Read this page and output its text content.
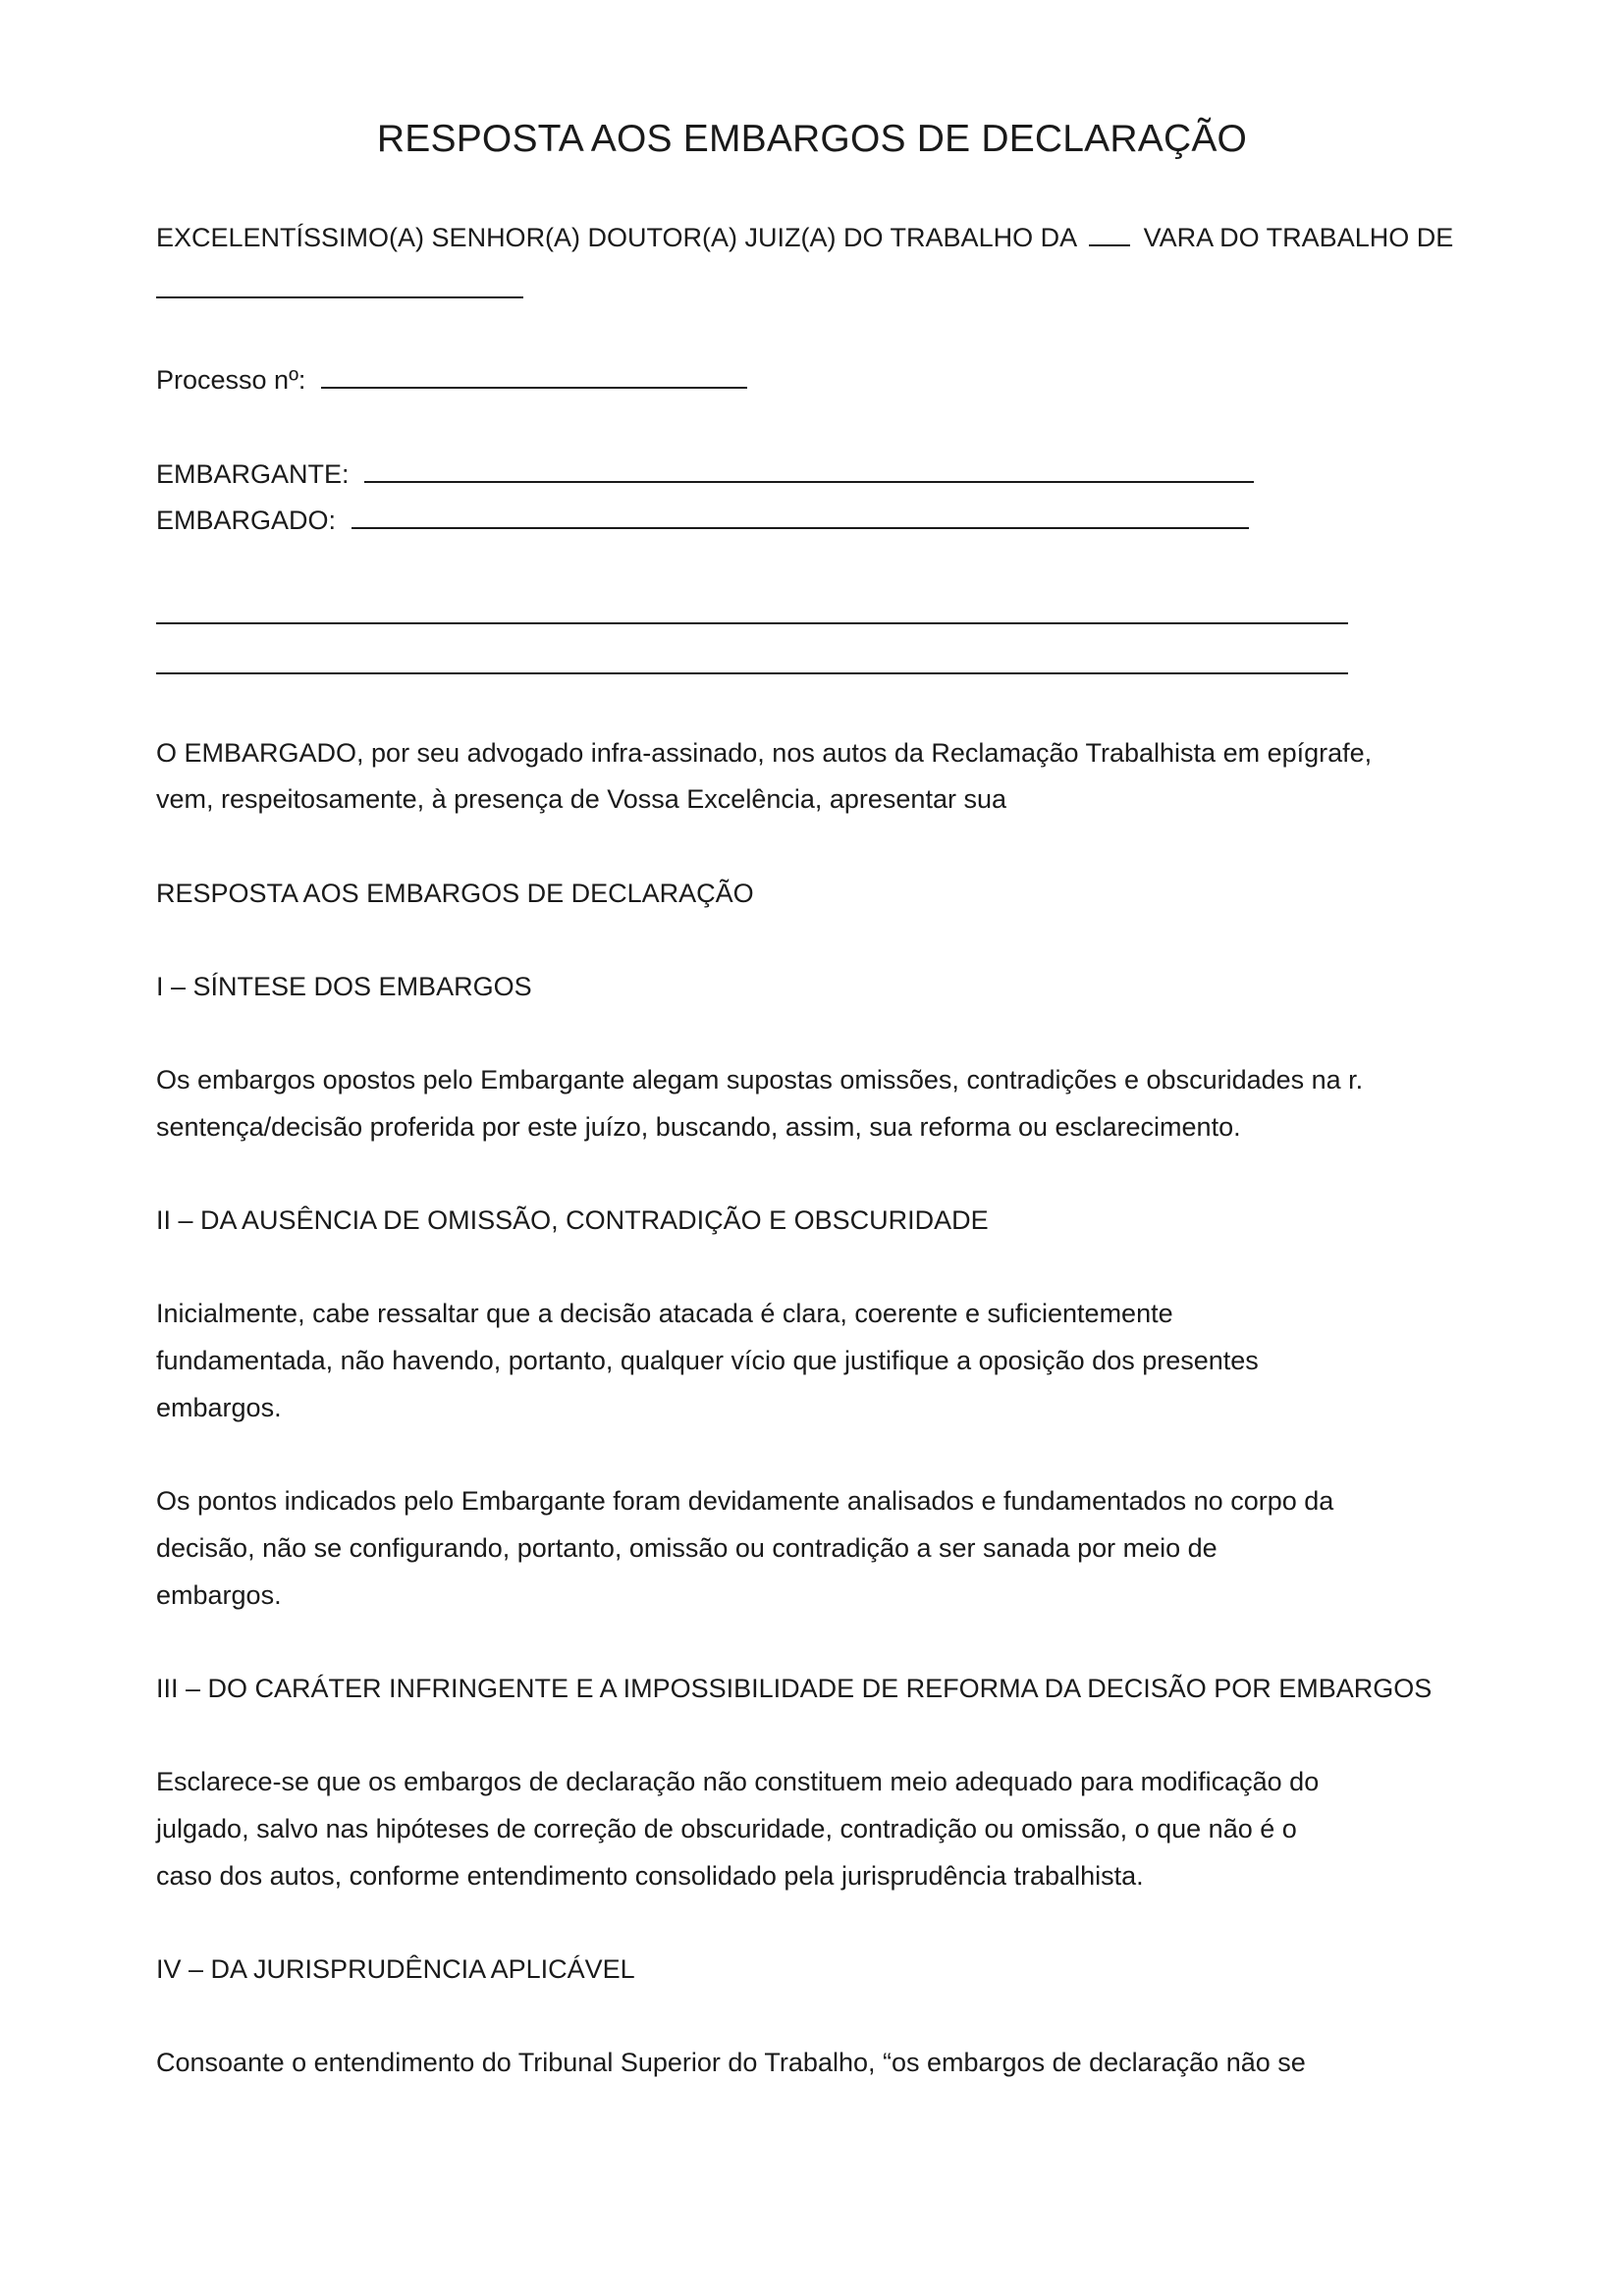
RESPOSTA AOS EMBARGOS DE DECLARAÇÃO
EXCELENTÍSSIMO(A) SENHOR(A) DOUTOR(A) JUIZ(A) DO TRABALHO DA	VARA DO TRABALHO DE
Processo nº:
EMBARGANTE:
EMBARGADO:
O EMBARGADO, por seu advogado infra-assinado, nos autos da Reclamação Trabalhista em epígrafe,
vem, respeitosamente, à presença de Vossa Excelência, apresentar sua
RESPOSTA AOS EMBARGOS DE DECLARAÇÃO
I – SÍNTESE DOS EMBARGOS
Os embargos opostos pelo Embargante alegam supostas omissões, contradições e obscuridades na r.
sentença/decisão proferida por este juízo, buscando, assim, sua reforma ou esclarecimento.
II – DA AUSÊNCIA DE OMISSÃO, CONTRADIÇÃO E OBSCURIDADE
Inicialmente, cabe ressaltar que a decisão atacada é clara, coerente e suficientemente
fundamentada, não havendo, portanto, qualquer vício que justifique a oposição dos presentes
embargos.
Os pontos indicados pelo Embargante foram devidamente analisados e fundamentados no corpo da
decisão, não se configurando, portanto, omissão ou contradição a ser sanada por meio de
embargos.
III – DO CARÁTER INFRINGENTE E A IMPOSSIBILIDADE DE REFORMA DA DECISÃO POR EMBARGOS
Esclarece-se que os embargos de declaração não constituem meio adequado para modificação do
julgado, salvo nas hipóteses de correção de obscuridade, contradição ou omissão, o que não é o
caso dos autos, conforme entendimento consolidado pela jurisprudência trabalhista.
IV – DA JURISPRUDÊNCIA APLICÁVEL
Consoante o entendimento do Tribunal Superior do Trabalho, “os embargos de declaração não se
